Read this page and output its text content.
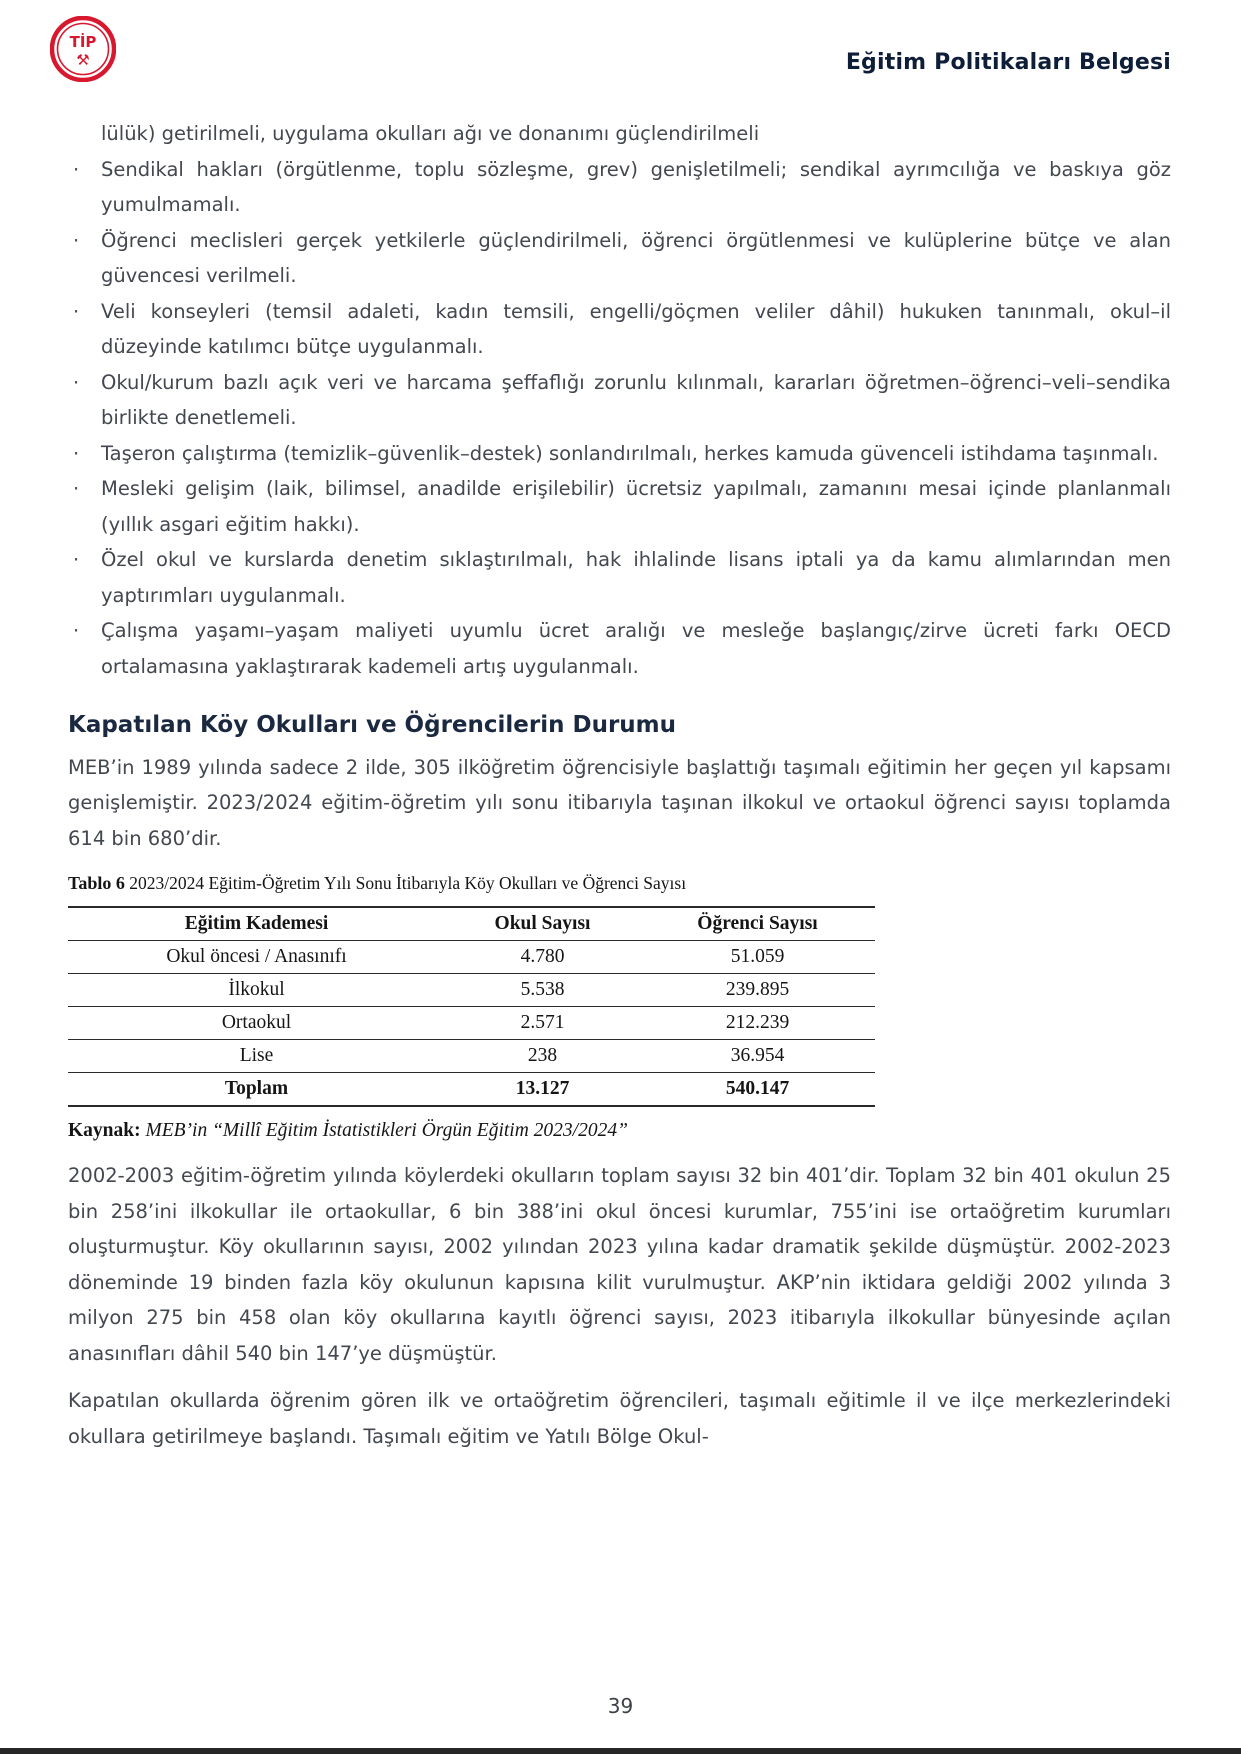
TİP
⚒	Eğitim Politikaları Belgesi

lülük) getirilmeli, uygulama okulları ağı ve donanımı güçlendirilmeli

·	Sendikal hakları (örgütlenme, toplu sözleşme, grev) genişletilmeli; sendikal ayrımcılığa ve baskıya göz yumulmamalı.
·	Öğrenci meclisleri gerçek yetkilerle güçlendirilmeli, öğrenci örgütlenmesi ve kulüplerine bütçe ve alan güvencesi verilmeli.
·	Veli konseyleri (temsil adaleti, kadın temsili, engelli/göçmen veliler dâhil) hukuken tanınmalı, okul–il düzeyinde katılımcı bütçe uygulanmalı.
·	Okul/kurum bazlı açık veri ve harcama şeffaflığı zorunlu kılınmalı, kararları öğretmen–öğrenci–veli–sendika birlikte denetlemeli.
·	Taşeron çalıştırma (temizlik–güvenlik–destek) sonlandırılmalı, herkes kamuda güvenceli istihdama taşınmalı.
·	Mesleki gelişim (laik, bilimsel, anadilde erişilebilir) ücretsiz yapılmalı, zamanını mesai içinde planlanmalı (yıllık asgari eğitim hakkı).
·	Özel okul ve kurslarda denetim sıklaştırılmalı, hak ihlalinde lisans iptali ya da kamu alımlarından men yaptırımları uygulanmalı.
·	Çalışma yaşamı–yaşam maliyeti uyumlu ücret aralığı ve mesleğe başlangıç/zirve ücreti farkı OECD ortalamasına yaklaştırarak kademeli artış uygulanmalı.
Kapatılan Köy Okulları ve Öğrencilerin Durumu

MEB’in 1989 yılında sadece 2 ilde, 305 ilköğretim öğrencisiyle başlattığı taşımalı eğitimin her geçen yıl kapsamı genişlemiştir. 2023/2024 eğitim-öğretim yılı sonu itibarıyla taşınan ilkokul ve ortaokul öğrenci sayısı toplamda 614 bin 680’dir.

Tablo 6 2023/2024 Eğitim-Öğretim Yılı Sonu İtibarıyla Köy Okulları ve Öğrenci Sayısı
Eğitim Kademesi	Okul Sayısı	Öğrenci Sayısı
Okul öncesi / Anasınıfı	4.780	51.059
İlkokul	5.538	239.895
Ortaokul	2.571	212.239
Lise	238	36.954
Toplam	13.127	540.147

Kaynak: MEB’in “Millî Eğitim İstatistikleri Örgün Eğitim 2023/2024”

2002-2003 eğitim-öğretim yılında köylerdeki okulların toplam sayısı 32 bin 401’dir. Toplam 32 bin 401 okulun 25 bin 258’ini ilkokullar ile ortaokullar, 6 bin 388’ini okul öncesi kurumlar, 755’ini ise ortaöğretim kurumları oluşturmuştur. Köy okullarının sayısı, 2002 yılından 2023 yılına kadar dramatik şekilde düşmüştür. 2002-2023 döneminde 19 binden fazla köy okulunun kapısına kilit vurulmuştur. AKP’nin iktidara geldiği 2002 yılında 3 milyon 275 bin 458 olan köy okullarına kayıtlı öğrenci sayısı, 2023 itibarıyla ilkokullar bünyesinde açılan anasınıfları dâhil 540 bin 147’ye düşmüştür.

Kapatılan okullarda öğrenim gören ilk ve ortaöğretim öğrencileri, taşımalı eğitimle il ve ilçe merkezlerindeki okullara getirilmeye başlandı. Taşımalı eğitim ve Yatılı Bölge Okul-

39
